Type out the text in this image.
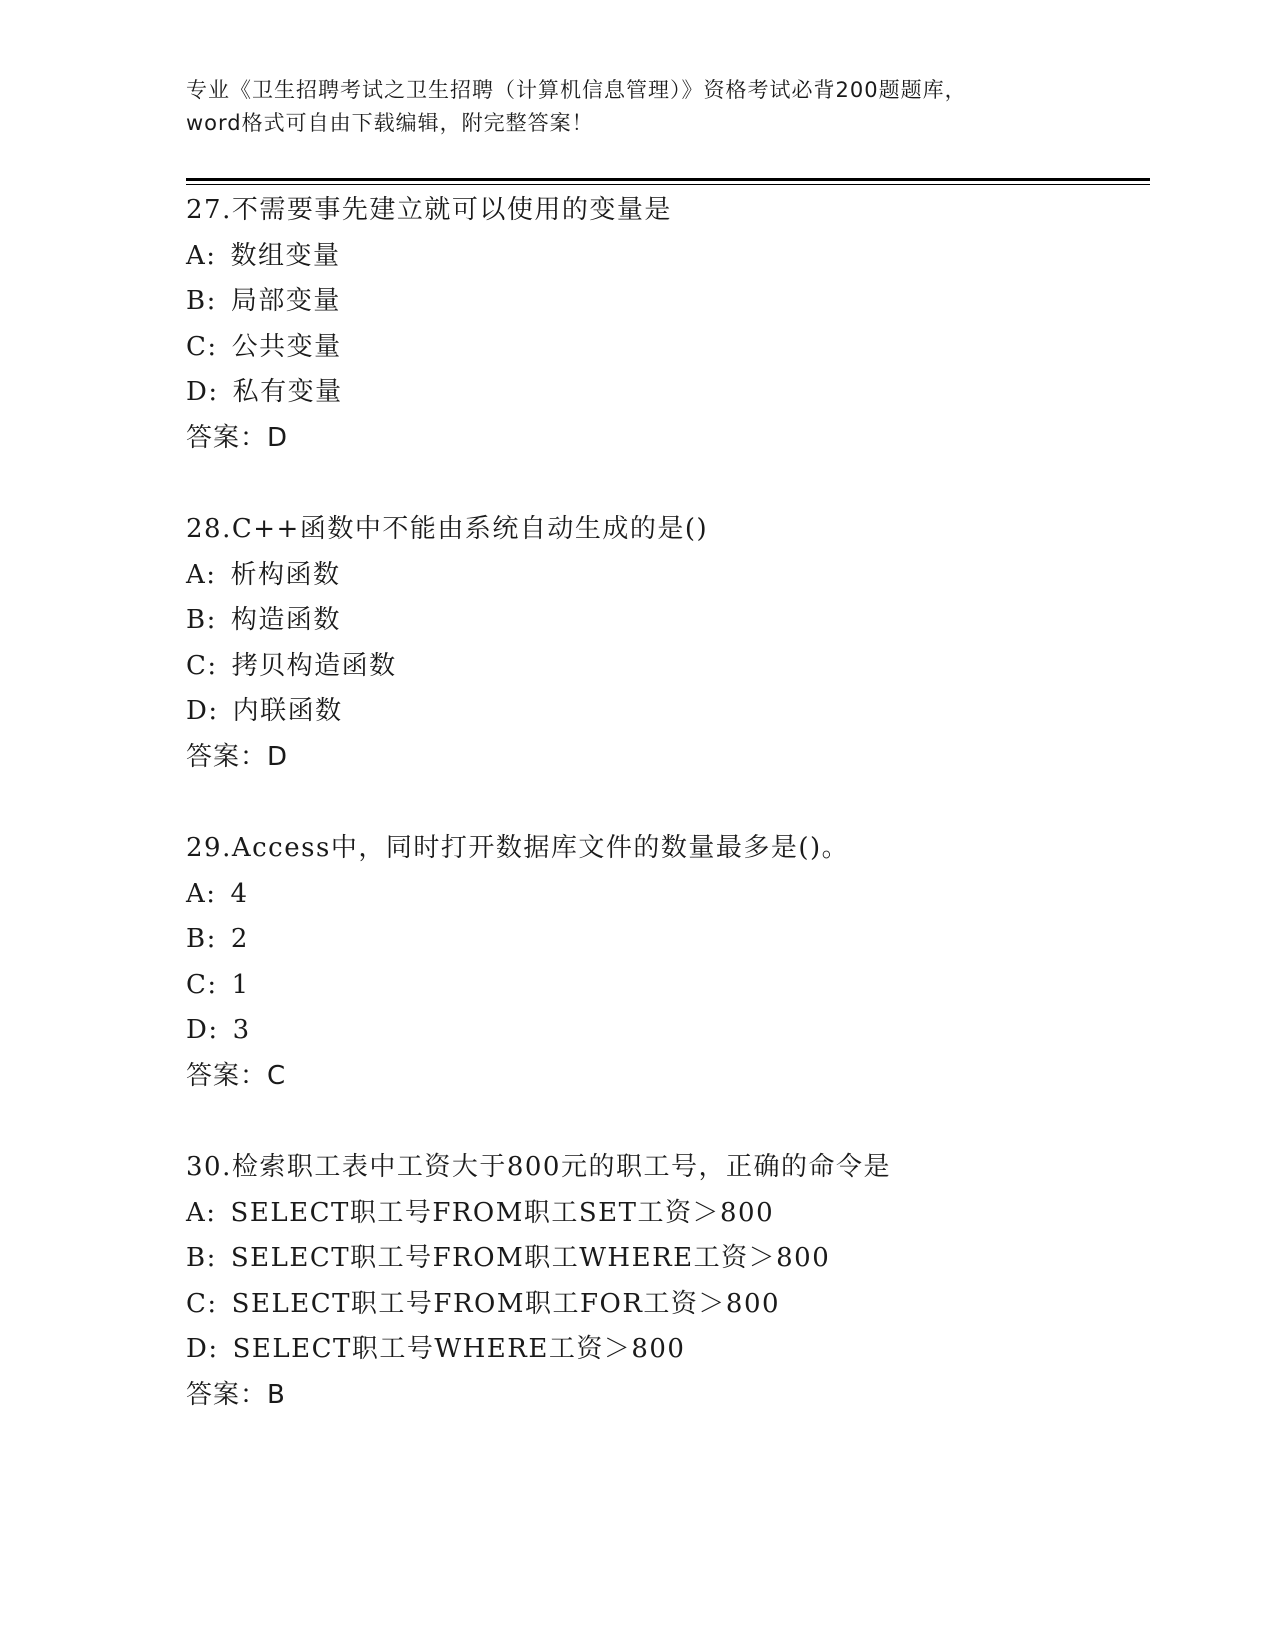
专业《卫生招聘考试之卫生招聘（计算机信息管理）》资格考试必背200题题库，
word格式可自由下载编辑，附完整答案！
27.不需要事先建立就可以使用的变量是
A: 数组变量
B: 局部变量
C: 公共变量
D: 私有变量
答案：D
28.C++函数中不能由系统自动生成的是()
A: 析构函数
B: 构造函数
C: 拷贝构造函数
D: 内联函数
答案：D
29.Access中，同时打开数据库文件的数量最多是()。
A: 4
B: 2
C: 1
D: 3
答案：C
30.检索职工表中工资大于800元的职工号，正确的命令是
A: SELECT职工号FROM职工SET工资＞800
B: SELECT职工号FROM职工WHERE工资＞800
C: SELECT职工号FROM职工FOR工资＞800
D: SELECT职工号WHERE工资＞800
答案：B
